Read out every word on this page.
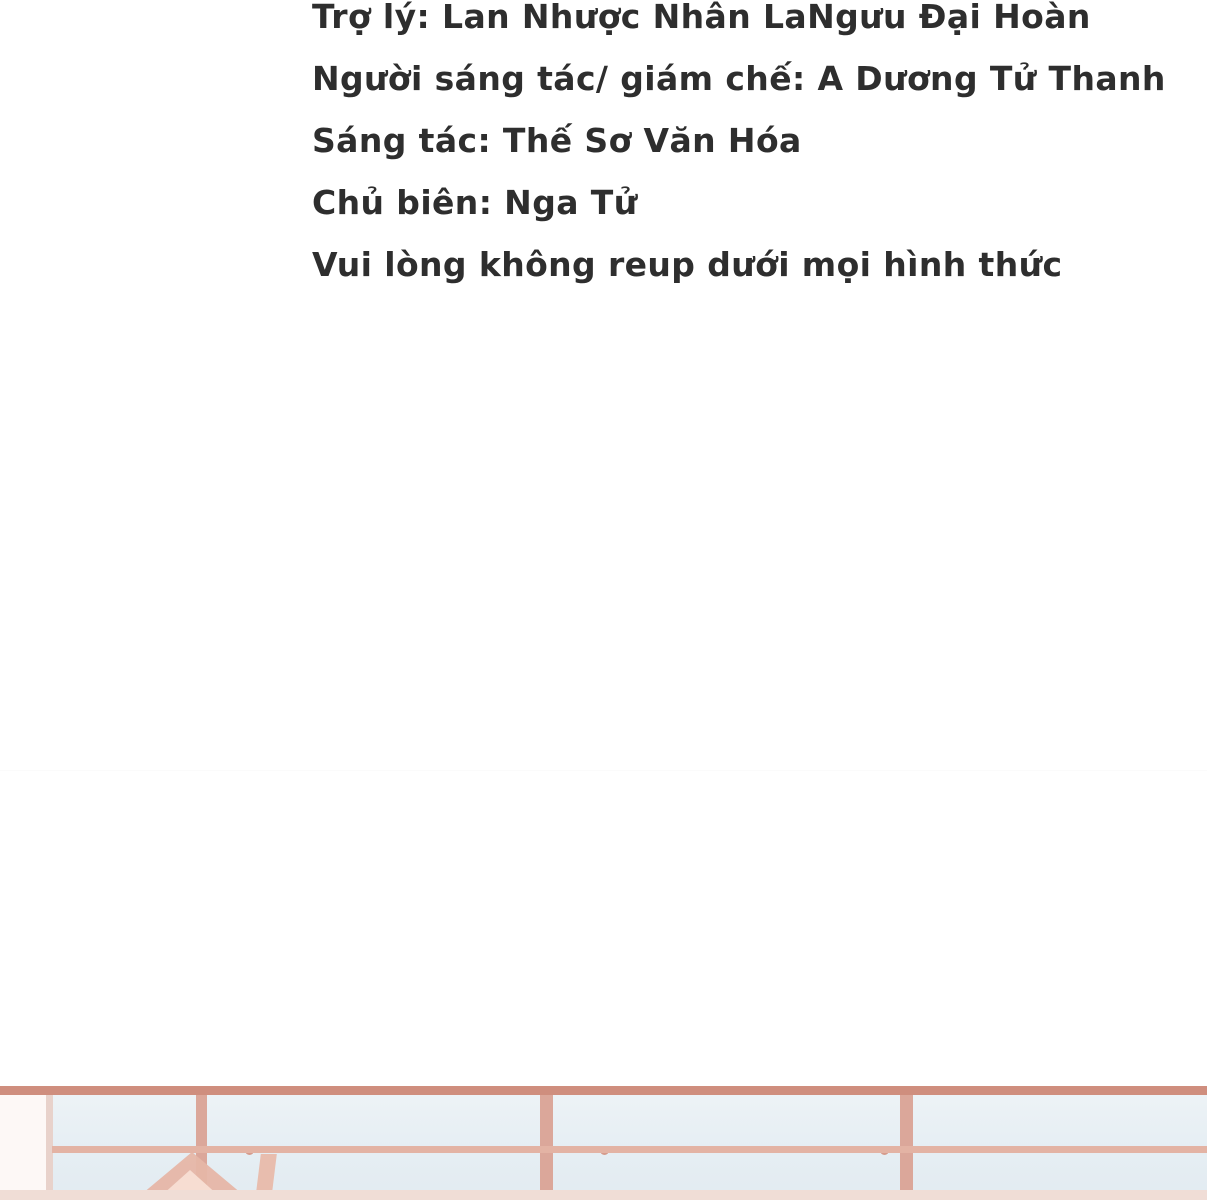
Trợ lý: Lan Nhược Nhân LaNgưu Đại Hoàn
Người sáng tác/ giám chế: A Dương Tử Thanh
Sáng tác: Thế Sơ Văn Hóa
Chủ biên: Nga Tử
Vui lòng không reup dưới mọi hình thức
